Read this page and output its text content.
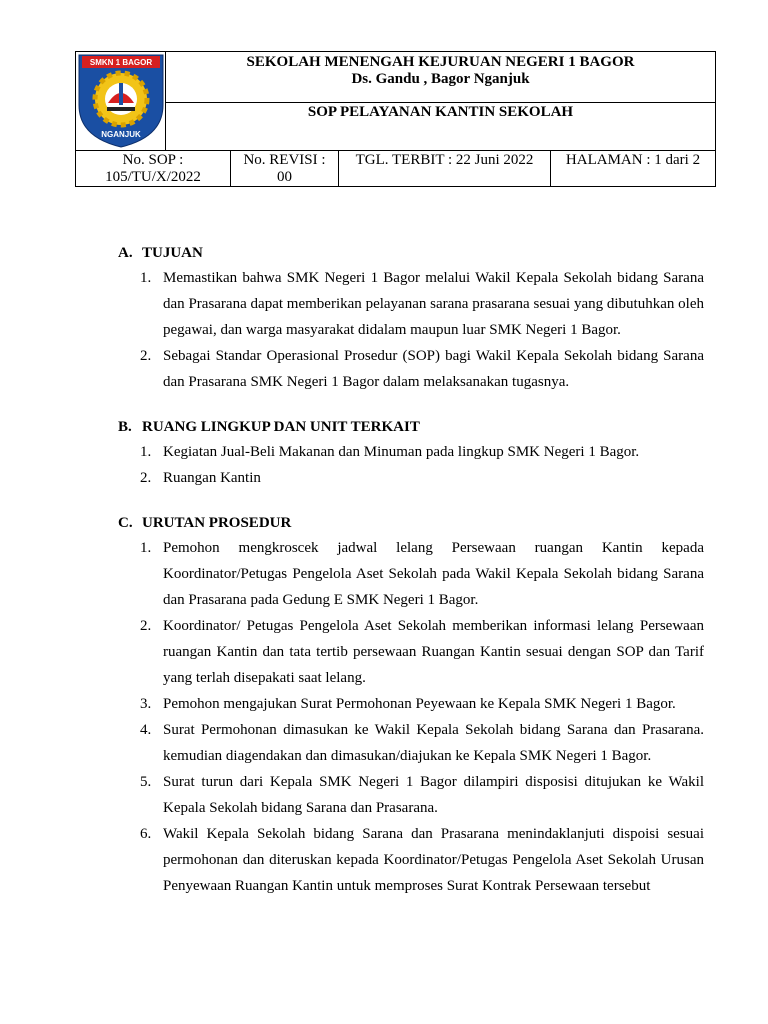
SMKN 1 BAGOR
NGANJUK
SEKOLAH MENENGAH KEJURUAN NEGERI 1 BAGOR
Ds. Gandu , Bagor Nganjuk
SOP PELAYANAN KANTIN SEKOLAH
No. SOP :
105/TU/X/2022
No. REVISI :
00
TGL. TERBIT : 22 Juni 2022	HALAMAN : 1 dari 2
A. TUJUAN
1. Memastikan bahwa SMK Negeri 1 Bagor melalui Wakil Kepala Sekolah bidang Sarana dan Prasarana dapat memberikan pelayanan sarana prasarana sesuai yang dibutuhkan oleh pegawai, dan warga masyarakat didalam maupun luar SMK Negeri 1 Bagor.
2. Sebagai Standar Operasional Prosedur (SOP) bagi Wakil Kepala Sekolah bidang Sarana dan Prasarana SMK Negeri 1 Bagor dalam melaksanakan tugasnya.
B. RUANG LINGKUP DAN UNIT TERKAIT
1. Kegiatan Jual-Beli Makanan dan Minuman pada lingkup SMK Negeri 1 Bagor.
2. Ruangan Kantin
C. URUTAN PROSEDUR
1. Pemohon mengkroscek jadwal lelang Persewaan ruangan Kantin kepada Koordinator/Petugas Pengelola Aset Sekolah pada Wakil Kepala Sekolah bidang Sarana dan Prasarana pada Gedung E SMK Negeri 1 Bagor.
2. Koordinator/ Petugas Pengelola Aset Sekolah memberikan informasi lelang Persewaan ruangan Kantin dan tata tertib persewaan Ruangan Kantin sesuai dengan SOP dan Tarif yang terlah disepakati saat lelang.
3. Pemohon mengajukan Surat Permohonan Peyewaan ke Kepala SMK Negeri 1 Bagor.
4. Surat Permohonan dimasukan ke Wakil Kepala Sekolah bidang Sarana dan Prasarana. kemudian diagendakan dan dimasukan/diajukan ke Kepala SMK Negeri 1 Bagor.
5. Surat turun dari Kepala SMK Negeri 1 Bagor dilampiri disposisi ditujukan ke Wakil Kepala Sekolah bidang Sarana dan Prasarana.
6. Wakil Kepala Sekolah bidang Sarana dan Prasarana menindaklanjuti dispoisi sesuai permohonan dan diteruskan kepada Koordinator/Petugas Pengelola Aset Sekolah Urusan Penyewaan Ruangan Kantin untuk memproses Surat Kontrak Persewaan tersebut
